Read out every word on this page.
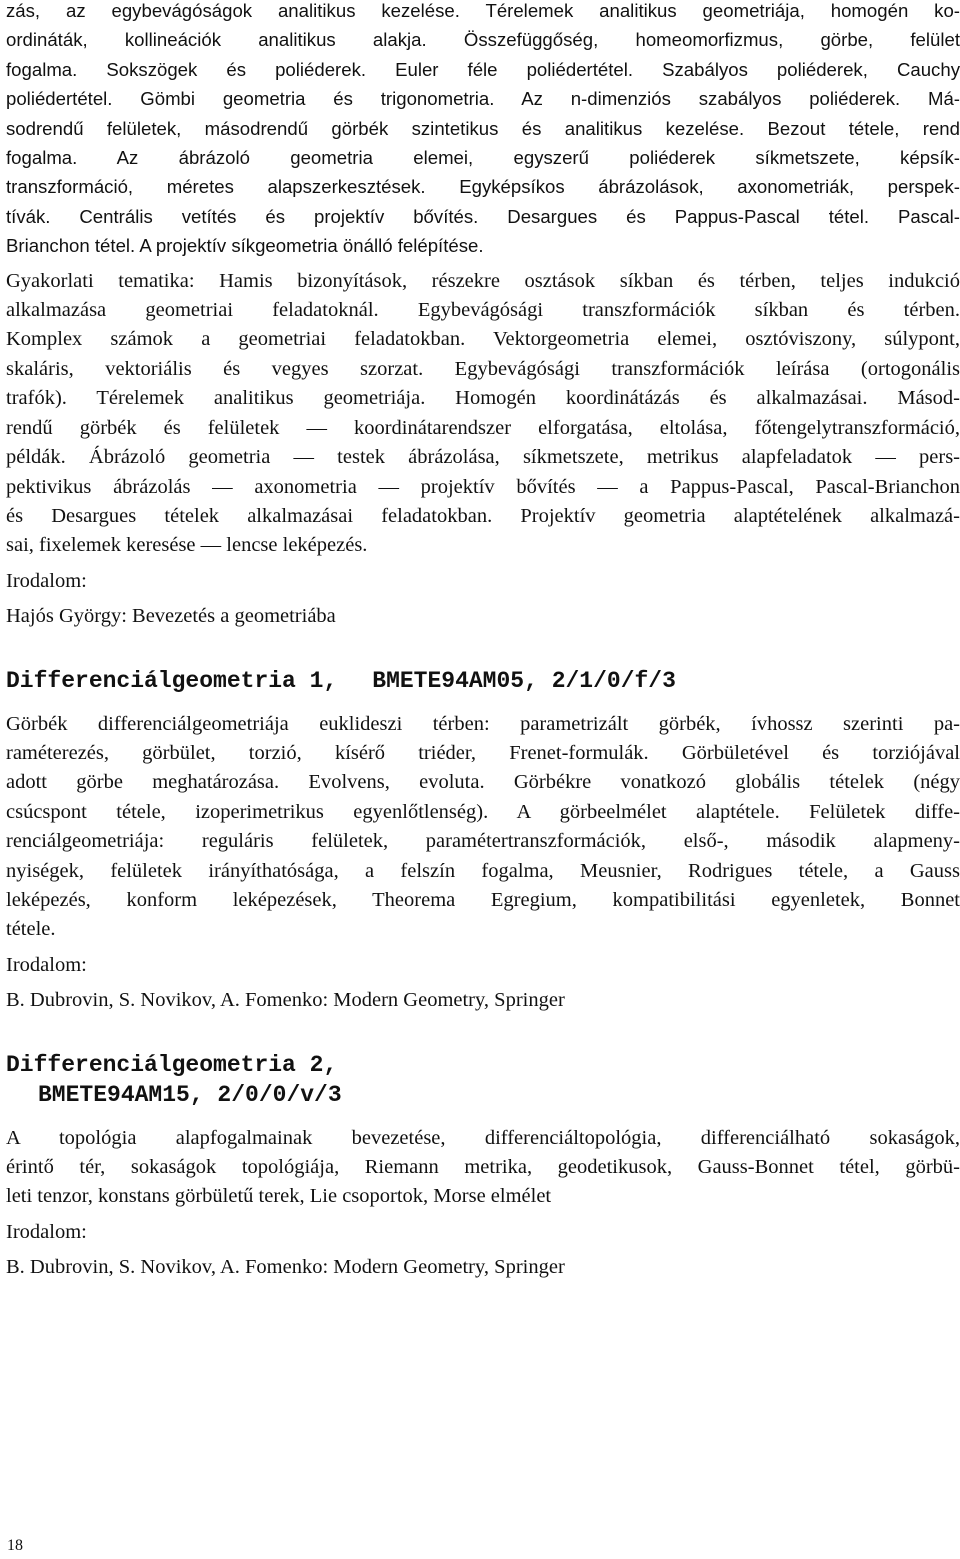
zás, az egybevágóságok analitikus kezelése. Térelemek analitikus geometriája, homogén ko-
ordináták, kollineációk analitikus alakja. Összefüggőség, homeomorfizmus, görbe, felület
fogalma. Sokszögek és poliéderek. Euler féle poliédertétel. Szabályos poliéderek, Cauchy
poliédertétel. Gömbi geometria és trigonometria. Az n-dimenziós szabályos poliéderek. Má-
sodrendű felületek, másodrendű görbék szintetikus és analitikus kezelése. Bezout tétele, rend
fogalma. Az ábrázoló geometria elemei, egyszerű poliéderek síkmetszete, képsík-
transzformáció, méretes alapszerkesztések. Egyképsíkos ábrázolások, axonometriák, perspek-
tívák. Centrális vetítés és projektív bővítés. Desargues és Pappus-Pascal tétel. Pascal-
Brianchon tétel. A projektív síkgeometria önálló felépítése.

Gyakorlati tematika: Hamis bizonyítások, részekre osztások síkban és térben, teljes indukció
alkalmazása geometriai feladatoknál. Egybevágósági transzformációk síkban és térben.
Komplex számok a geometriai feladatokban. Vektorgeometria elemei, osztóviszony, súlypont,
skaláris, vektoriális és vegyes szorzat. Egybevágósági transzformációk leírása (ortogonális
trafók). Térelemek analitikus geometriája. Homogén koordinátázás és alkalmazásai. Másod-
rendű görbék és felületek — koordinátarendszer elforgatása, eltolása, főtengelytranszformáció,
példák. Ábrázoló geometria — testek ábrázolása, síkmetszete, metrikus alapfeladatok — pers-
pektivikus ábrázolás — axonometria — projektív bővítés — a Pappus-Pascal, Pascal-Brianchon
és Desargues tételek alkalmazásai feladatokban. Projektív geometria alaptételének alkalmazá-
sai, fixelemek keresése — lencse leképezés.

Irodalom:

Hajós György: Bevezetés a geometriába

Differenciálgeometria 1, BMETE94AM05, 2/1/0/f/3

Görbék differenciálgeometriája euklideszi térben: parametrizált görbék, ívhossz szerinti pa-
raméterezés, görbület, torzió, kísérő triéder, Frenet-formulák. Görbületével és torziójával
adott görbe meghatározása. Evolvens, evoluta. Görbékre vonatkozó globális tételek (négy
csúcspont tétele, izoperimetrikus egyenlőtlenség). A görbeelmélet alaptétele. Felületek diffe-
renciálgeometriája: reguláris felületek, paramétertranszformációk, első-, második alapmeny-
nyiségek, felületek irányíthatósága, a felszín fogalma, Meusnier, Rodrigues tétele, a Gauss
leképezés, konform leképezések, Theorema Egregium, kompatibilitási egyenletek, Bonnet
tétele.

Irodalom:

B. Dubrovin, S. Novikov, A. Fomenko: Modern Geometry, Springer

Differenciálgeometria 2,
BMETE94AM15, 2/0/0/v/3

A topológia alapfogalmainak bevezetése, differenciáltopológia, differenciálható sokaságok,
érintő tér, sokaságok topológiája, Riemann metrika, geodetikusok, Gauss-Bonnet tétel, görbü-
leti tenzor, konstans görbületű terek, Lie csoportok, Morse elmélet

Irodalom:

B. Dubrovin, S. Novikov, A. Fomenko: Modern Geometry, Springer

18
